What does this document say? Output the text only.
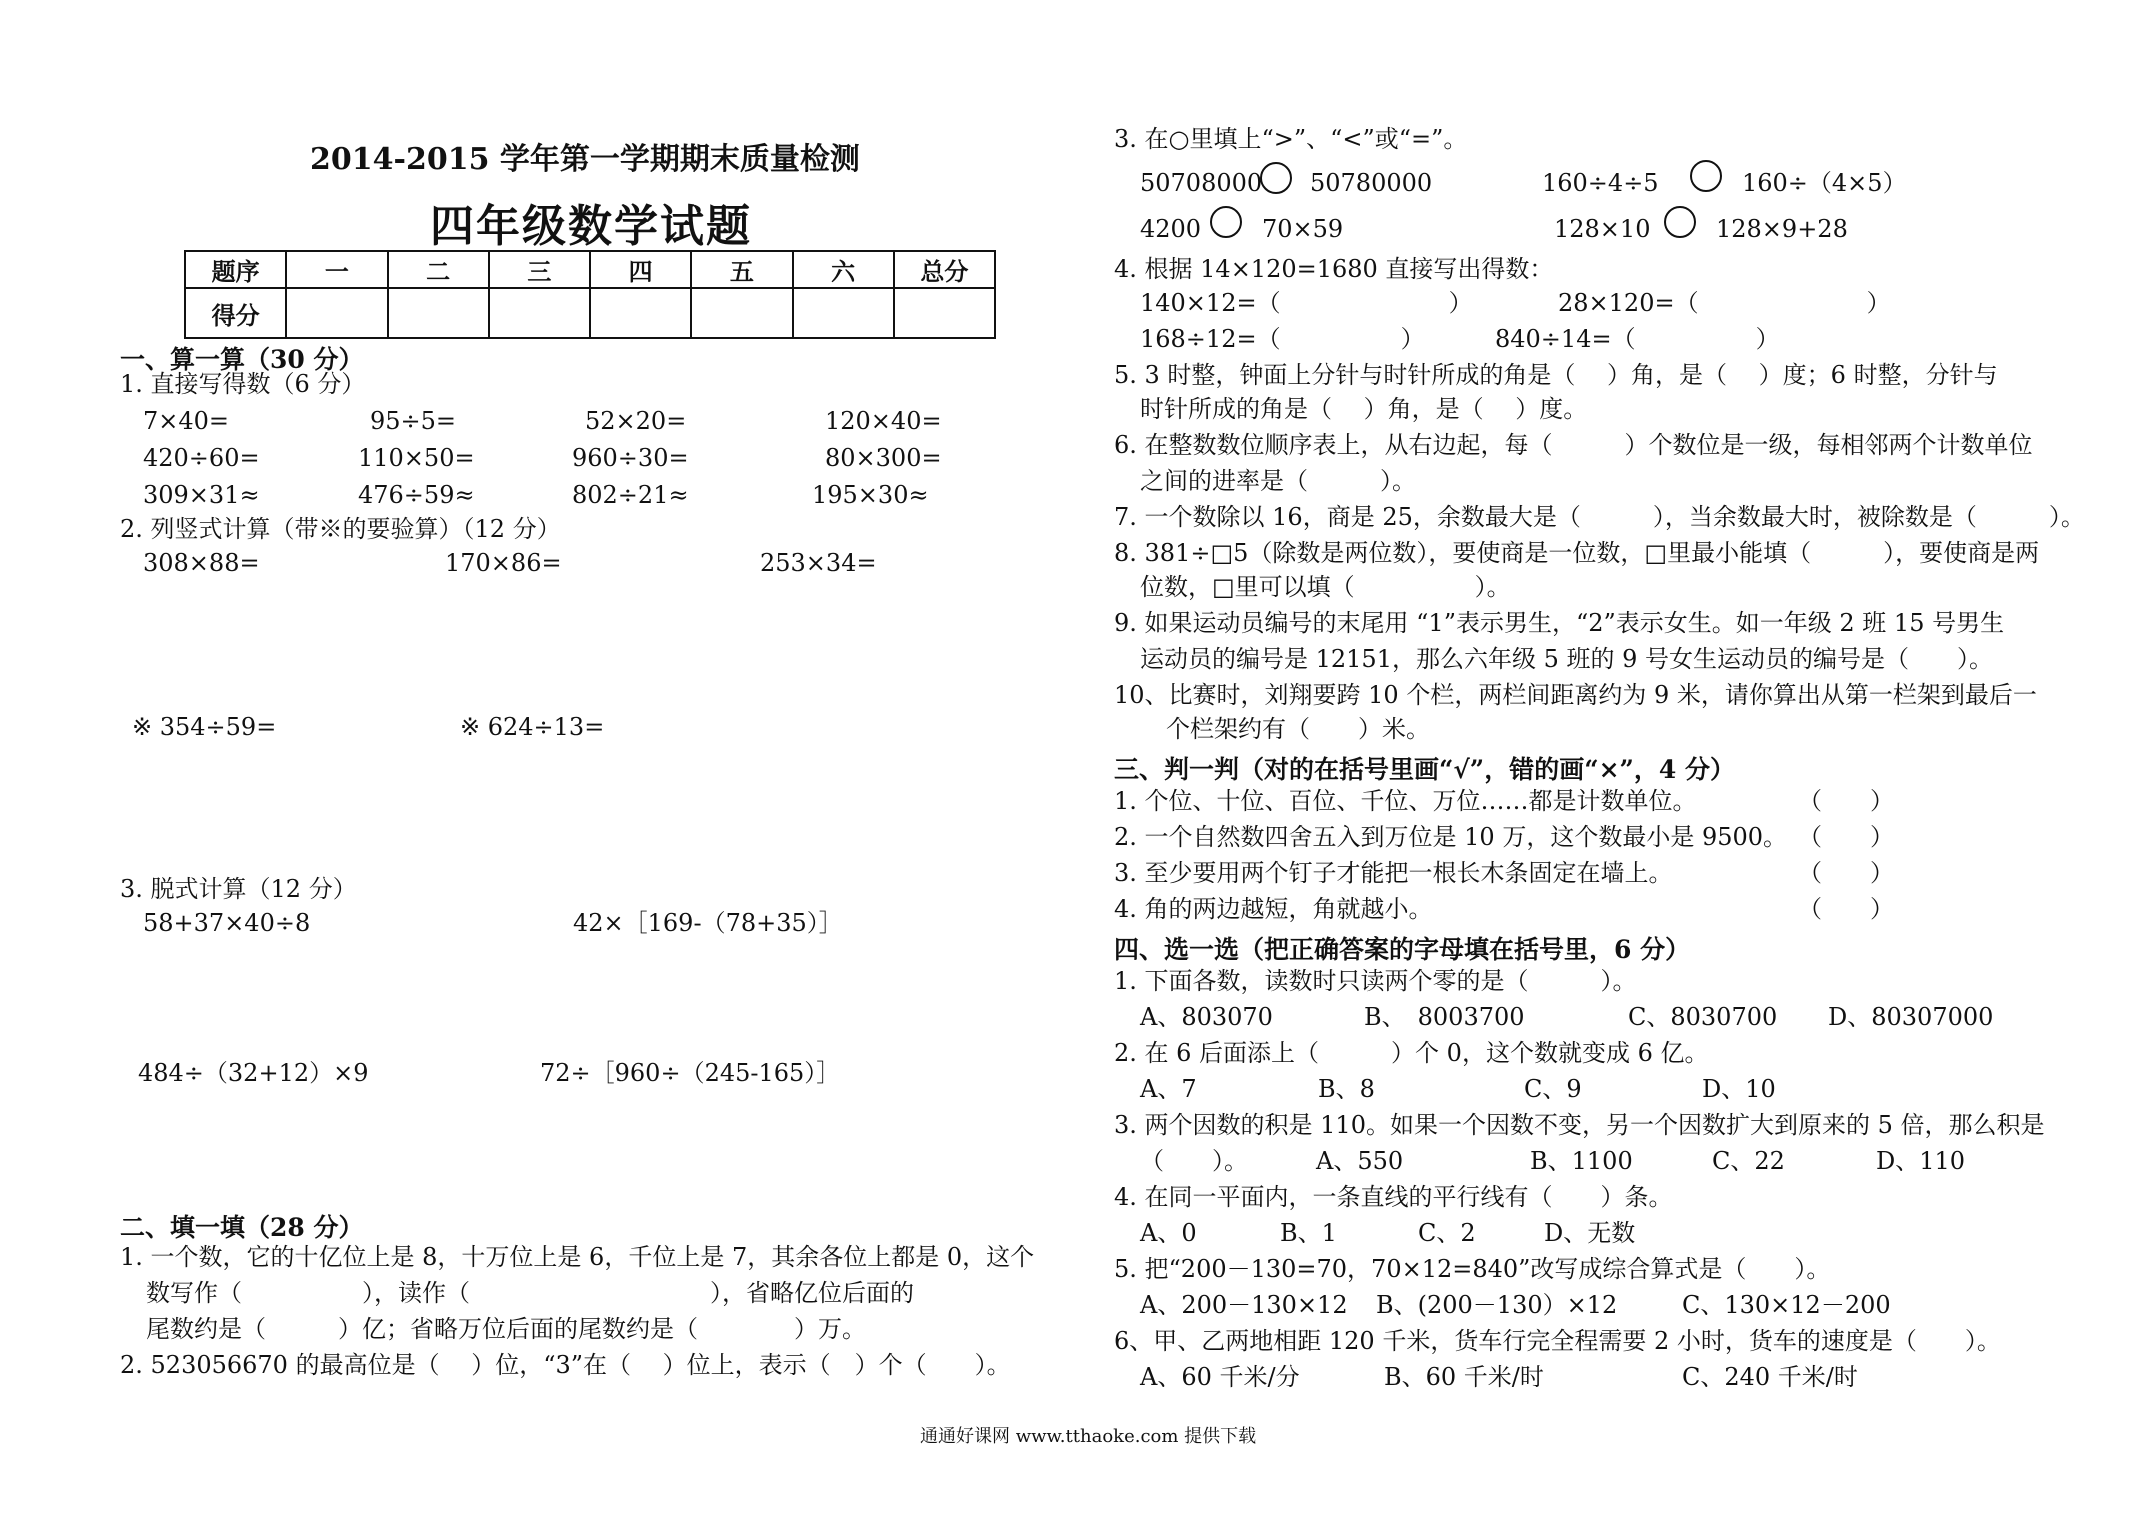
2014-2015 学年第一学期期末质量检测
四年级数学试题
题序	一	二	三	四	五	六	总分
得分							
一、算一算（30 分）
1. 直接写得数（6 分）
7×40=	95÷5=	52×20=	120×40=
420÷60=	110×50=	960÷30=	80×300=
309×31≈	476÷59≈	802÷21≈	195×30≈
2. 列竖式计算（带※的要验算）（12 分）
308×88=	170×86=	253×34=
※ 354÷59=	※ 624÷13=
3. 脱式计算（12 分）
58+37×40÷8	42×［169-（78+35）］
484÷（32+12）×9	72÷［960÷（245-165）］
二、填一填（28 分）
1. 一个数，它的十亿位上是 8，十万位上是 6，千位上是 7，其余各位上都是 0，这个
数写作（　　　　　），读作（　　　　　　　　　　），省略亿位后面的
尾数约是（　　　）亿；省略万位后面的尾数约是（　　　　）万。
2. 523056670 的最高位是（　 ）位，“3”在（　 ）位上，表示（　）个（　　）。
3. 在○里填上“>”、“<”或“=”。
50708000 50780000	160÷4÷5	160÷（4×5）
4200	70×59	128×10	128×9+28
4. 根据 14×120=1680 直接写出得数：
140×12=（　　　　　　　）	28×120=（　　　　　　　）
168÷12=（　　　　　）	840÷14=（　　　　　）
5. 3 时整，钟面上分针与时针所成的角是（　 ）角，是（　 ）度；6 时整，分针与
时针所成的角是（　 ）角，是（　 ）度。
6. 在整数数位顺序表上，从右边起，每（　　　）个数位是一级，每相邻两个计数单位
之间的进率是（　　　）。
7. 一个数除以 16，商是 25，余数最大是（　　　），当余数最大时，被除数是（　　　）。
8. 381÷□5（除数是两位数），要使商是一位数，□里最小能填（　　　），要使商是两
位数，□里可以填（　　　　　）。
9. 如果运动员编号的末尾用 “1”表示男生，“2”表示女生。如一年级 2 班 15 号男生
运动员的编号是 12151，那么六年级 5 班的 9 号女生运动员的编号是（　　）。
10、比赛时，刘翔要跨 10 个栏，两栏间距离约为 9 米，请你算出从第一栏架到最后一
个栏架约有（　　）米。
三、判一判（对的在括号里画“√”，错的画“×”，4 分）
1. 个位、十位、百位、千位、万位……都是计数单位。	（　　）
2. 一个自然数四舍五入到万位是 10 万，这个数最小是 9500。 （　　）
3. 至少要用两个钉子才能把一根长木条固定在墙上。	（　　）
4. 角的两边越短，角就越小。	（　　）
四、选一选（把正确答案的字母填在括号里，6 分）
1. 下面各数，读数时只读两个零的是（　　　）。
A、803070	B、　8003700	C、8030700 D、80307000
2. 在 6 后面添上（　　　）个 0，这个数就变成 6 亿。
A、7	B、8	C、9	D、10
3. 两个因数的积是 110。如果一个因数不变，另一个因数扩大到原来的 5 倍，那么积是
（　　）。	A、550	B、1100	C、22	D、110
4. 在同一平面内，一条直线的平行线有（　　）条。
A、0	B、1	C、2	D、无数
5. 把“200－130=70，70×12=840”改写成综合算式是（　　）。
A、200－130×12 B、(200－130）×12	C、130×12－200
6、甲、乙两地相距 120 千米，货车行完全程需要 2 小时，货车的速度是（　　）。
A、60 千米/分	B、60 千米/时	C、240 千米/时
通通好课网 www.tthaoke.com 提供下载
